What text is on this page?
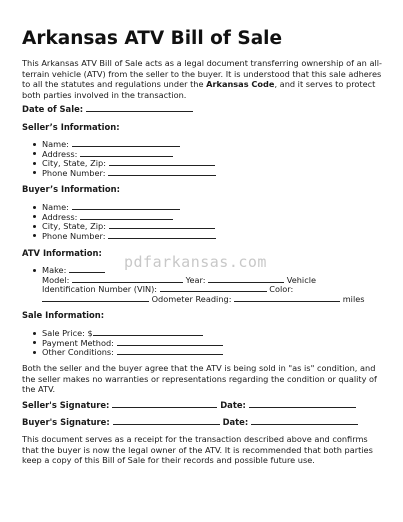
Arkansas ATV Bill of Sale

This Arkansas ATV Bill of Sale acts as a legal document transferring ownership of an all-terrain vehicle (ATV) from the seller to the buyer. It is understood that this sale adheres to all the statutes and regulations under the Arkansas Code, and it serves to protect both parties involved in the transaction.

Date of Sale:
Seller’s Information:
Name:
Address:
City, State, Zip:
Phone Number:
Buyer’s Information:
Name:
Address:
City, State, Zip:
Phone Number:
ATV Information: pdfarkansas.com
Make:
Model:	Year:	Vehicle
Identification Number (VIN):	Color:
Odometer Reading:	miles
Sale Information:
Sale Price: $
Payment Method:
Other Conditions:

Both the seller and the buyer agree that the ATV is being sold in "as is" condition, and the seller makes no warranties or representations regarding the condition or quality of the ATV.

Seller's Signature:	Date:
Buyer's Signature:	Date:

This document serves as a receipt for the transaction described above and confirms that the buyer is now the legal owner of the ATV. It is recommended that both parties keep a copy of this Bill of Sale for their records and possible future use.
